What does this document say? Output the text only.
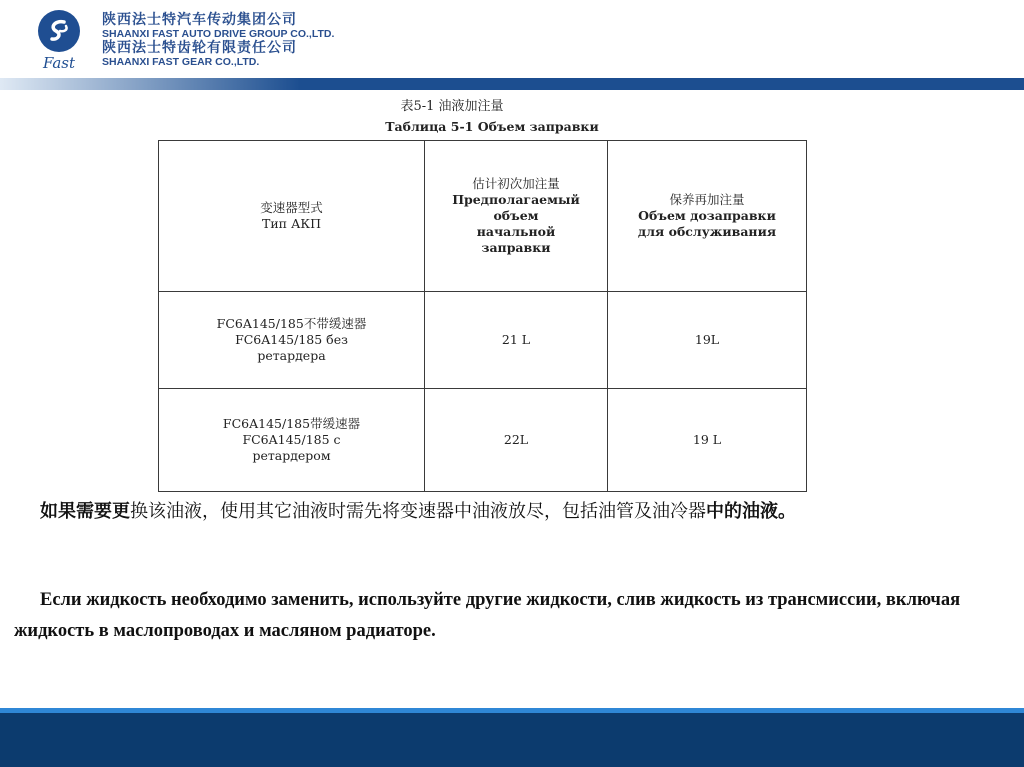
Fast
陕西法士特汽车传动集团公司
SHAANXI FAST AUTO DRIVE GROUP CO.,LTD.
陕西法士特齿轮有限责任公司
SHAANXI FAST GEAR CO.,LTD.
表5-1 油液加注量
Таблица 5-1 Объем заправки
变速器型式
Тип АКП	估计初次加注量
Предполагаемый
объем
начальной
заправки	保养再加注量
Объем дозаправки
для обслуживания

FC6A145/185不带缓速器
FC6A145/185 без
ретардера	21 L	19L

FC6A145/185带缓速器
FC6A145/185 с
ретардером	22L	19 L
如果需要更换该油液，使用其它油液时需先将变速器中油液放尽，包括油管及油冷器中的油液。
Если жидкость необходимо заменить, используйте другие жидкости, слив жидкость из трансмиссии, включая жидкость в маслопроводах и масляном радиаторе.
